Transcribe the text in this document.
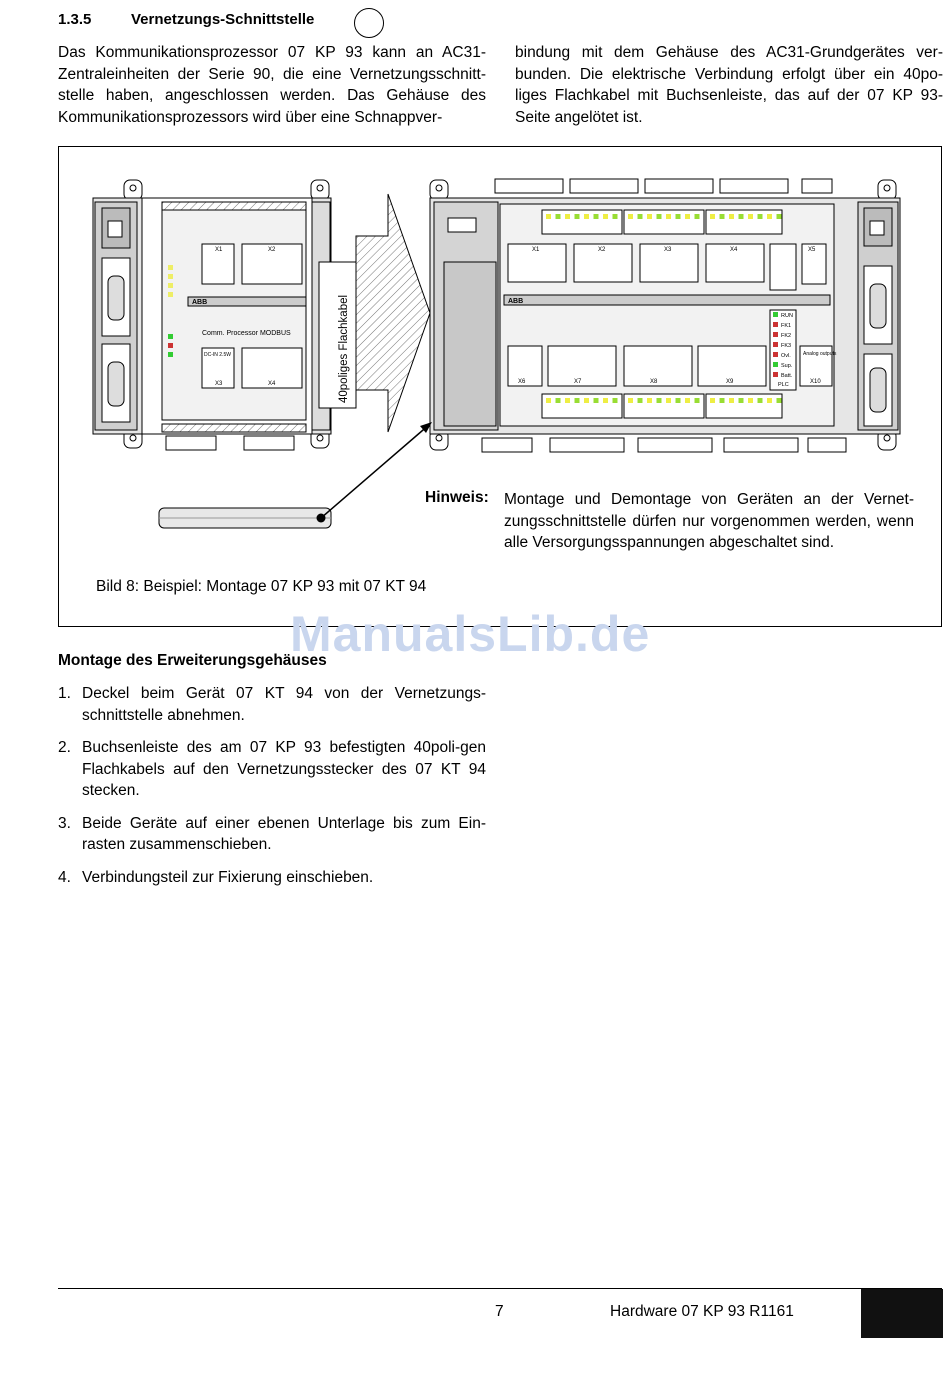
1.3.5	Vernetzungs-Schnittstelle
Das Kommunikationsprozessor 07 KP 93 kann an AC31-Zentraleinheiten der Serie 90, die eine Vernetzungsschnitt-stelle haben, angeschlossen werden. Das Gehäuse des Kommunikationsprozessors wird über eine Schnappver-
bindung mit dem Gehäuse des AC31-Grundgerätes ver-bunden. Die elektrische Verbindung erfolgt über ein 40po-liges Flachkabel mit Buchsenleiste, das auf der 07 KP 93-Seite angelötet ist.
X1	X2
ABB
Comm. Processor MODBUS
DC-IN 2.5W
X3	X4	40poliges Flachkabel	ABB
X1	X2	X3	X4	X5
X6	X7	X8	X9	X10
Analog outputs
RUN
FK1
FK2
FK3
Ovl.
Sup.
Batt.
PLC
Hinweis: Montage und Demontage von Geräten an der Vernet-zungsschnittstelle dürfen nur vorgenommen werden, wenn alle Versorgungsspannungen abgeschaltet sind.
Bild 8: Beispiel: Montage 07 KP 93 mit 07 KT 94
ManualsLib.de
Montage des Erweiterungsgehäuses
1. Deckel beim Gerät 07 KT 94 von der Vernetzungs-schnittstelle abnehmen.
2. Buchsenleiste des am 07 KP 93 befestigten 40poli-gen Flachkabels auf den Vernetzungsstecker des 07 KT 94 stecken.
3. Beide Geräte auf einer ebenen Unterlage bis zum Ein-rasten zusammenschieben.
4. Verbindungsteil zur Fixierung einschieben.
7	Hardware 07 KP 93 R1161
